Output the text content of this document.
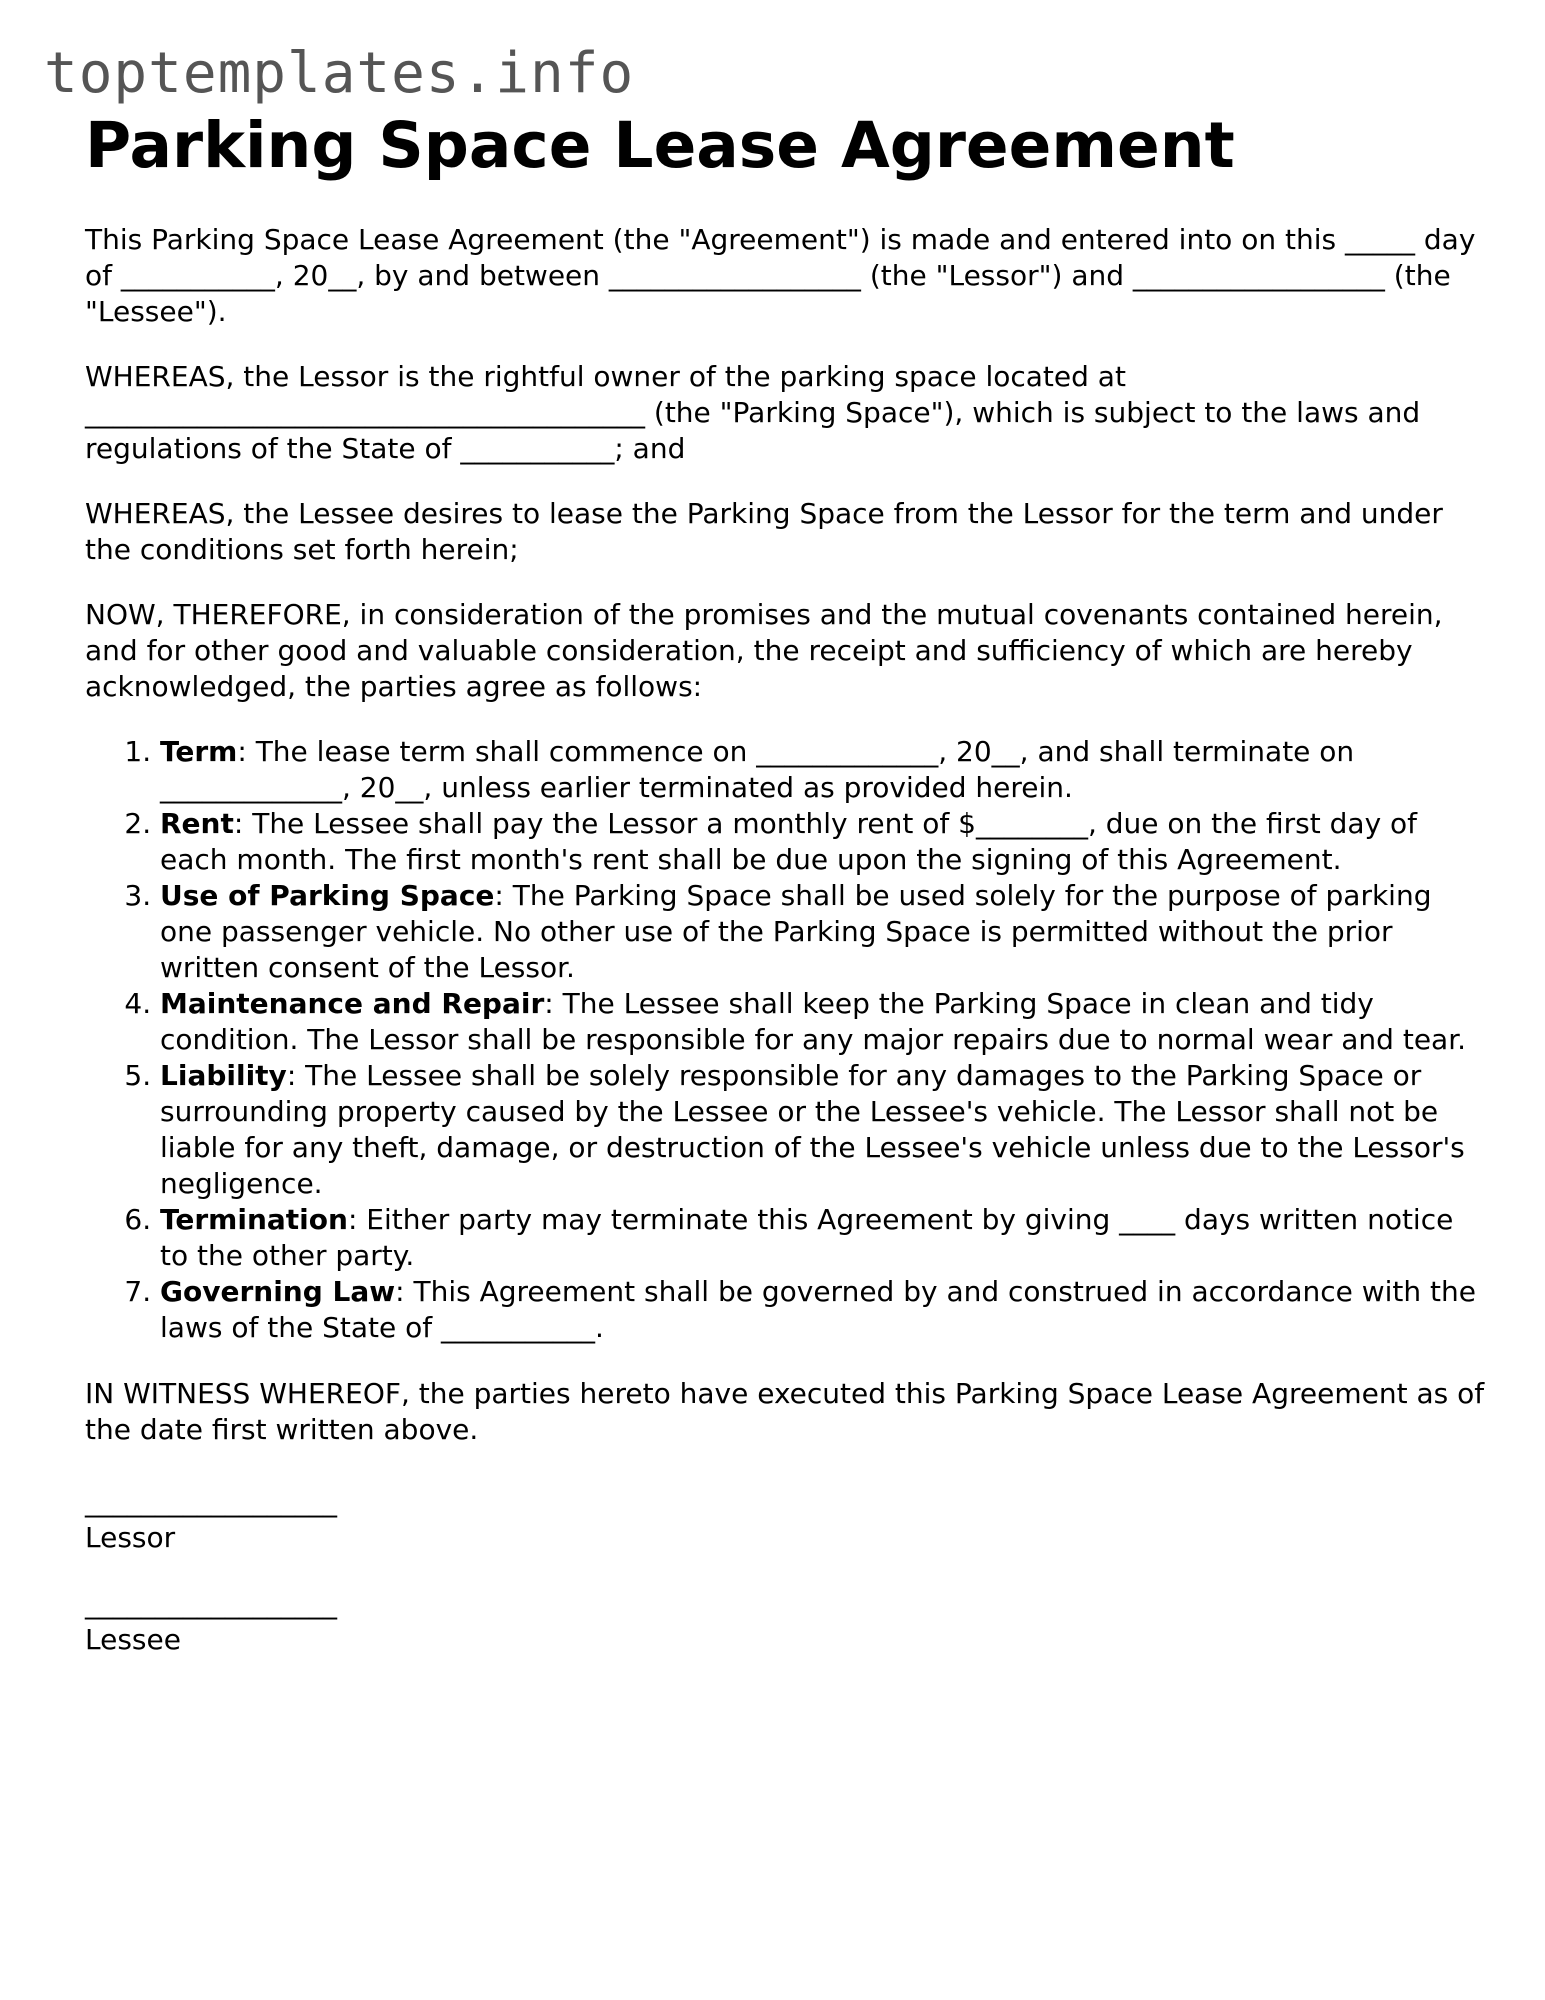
toptemplates.info
Parking Space Lease Agreement

This Parking Space Lease Agreement (the "Agreement") is made and entered into on this _____ day of ___________, 20__, by and between __________________ (the "Lessor") and __________________ (the "Lessee").

WHEREAS, the Lessor is the rightful owner of the parking space located at ________________________________________ (the "Parking Space"), which is subject to the laws and regulations of the State of ___________; and

WHEREAS, the Lessee desires to lease the Parking Space from the Lessor for the term and under the conditions set forth herein;

NOW, THEREFORE, in consideration of the promises and the mutual covenants contained herein, and for other good and valuable consideration, the receipt and sufficiency of which are hereby acknowledged, the parties agree as follows:

1. Term: The lease term shall commence on _____________, 20__, and shall terminate on _____________, 20__, unless earlier terminated as provided herein.
2. Rent: The Lessee shall pay the Lessor a monthly rent of $________, due on the first day of each month. The first month's rent shall be due upon the signing of this Agreement.
3. Use of Parking Space: The Parking Space shall be used solely for the purpose of parking one passenger vehicle. No other use of the Parking Space is permitted without the prior written consent of the Lessor.
4. Maintenance and Repair: The Lessee shall keep the Parking Space in clean and tidy condition. The Lessor shall be responsible for any major repairs due to normal wear and tear.
5. Liability: The Lessee shall be solely responsible for any damages to the Parking Space or surrounding property caused by the Lessee or the Lessee's vehicle. The Lessor shall not be liable for any theft, damage, or destruction of the Lessee's vehicle unless due to the Lessor's negligence.
6. Termination: Either party may terminate this Agreement by giving ____ days written notice to the other party.
7. Governing Law: This Agreement shall be governed by and construed in accordance with the laws of the State of ___________.

IN WITNESS WHEREOF, the parties hereto have executed this Parking Space Lease Agreement as of the date first written above.

__________________
Lessor
__________________
Lessee
